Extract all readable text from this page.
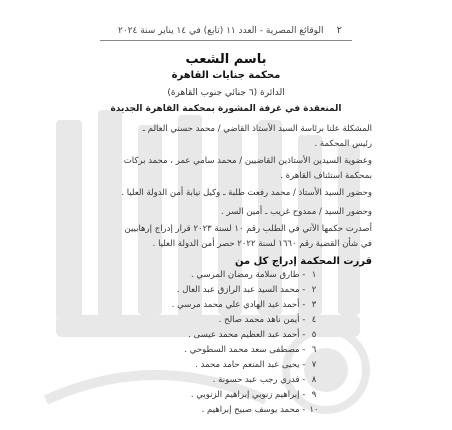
٢
الوقائع المصرية - العدد ١١ (تابع) في ١٤ يناير سنة ٢٠٢٤
باسم الشعب
محكمة جنايات القاهرة
الدائرة (٦ جنائي جنوب القاهرة)
المنعقدة في غرفة المشورة بمحكمة القاهرة الجديدة
المشكلة علنا برئاسة السيد الأستاذ القاضي / محمد حسني العالم ـ
رئيس المحكمة .
وعضوية السيدين الأستاذين القاضيين / محمد سامي عمر ، محمد بركات
بمحكمة استئناف القاهرة .
وحضور السيد الأستاذ / محمد رفعت طلبة ـ وكيل نيابة أمن الدولة العليا .
وحضور السيد / ممدوح غريب ـ أمين السر .
أصدرت حكمها الآتي في الطلب رقم ١٠ لسنة ٢٠٢٣ قرار إدراج إرهابيين
في شأن القضية رقم ١٦٦٠ لسنة ٢٠٢٢ حصر أمن الدولة العليا .
قررت المحكمة إدراج كل من
١ - طارق سلامة رمضان المرسي .
٢ - محمد السيد عبد الرازق عبد العال .
٣ - أحمد عبد الهادي علي محمد مرسي .
٤ - أيمن ناهد محمد صالح .
٥ - أحمد عبد العظيم محمد عيسى .
٦ - مصطفى سعد محمد السطوحي .
٧ - يحيى عبد المنعم حامد محمد .
٨ - فدري رجب عبد حسونة .
٩ - إبراهيم زنوبي إبراهيم الزنوبي .
١٠ - محمد يوسف صبيح إبراهيم .
